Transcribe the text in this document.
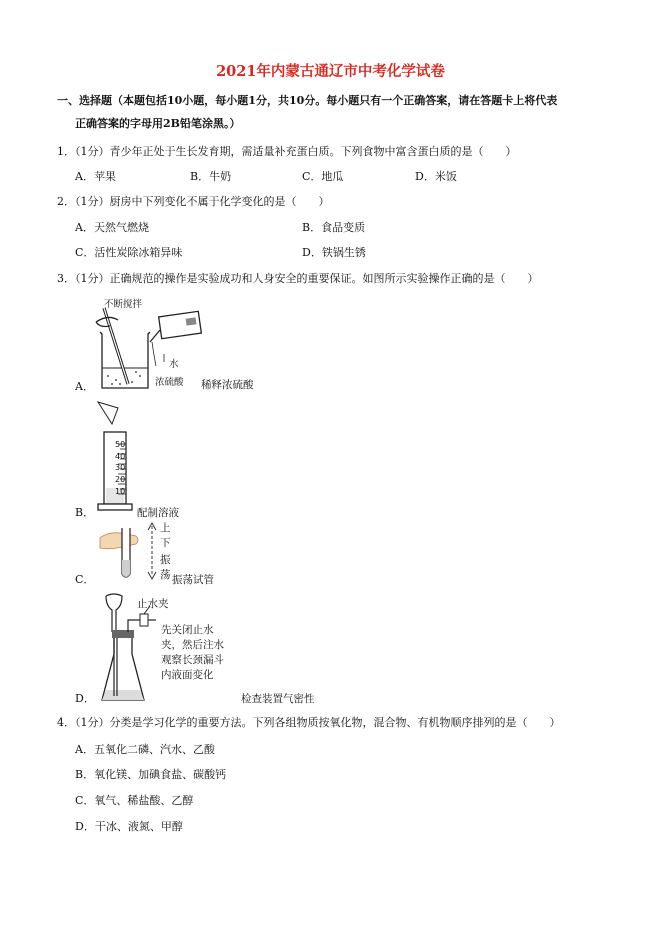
2021年内蒙古通辽市中考化学试卷
一、选择题（本题包括10小题，每小题1分，共10分。每小题只有一个正确答案，请在答题卡上将代表
正确答案的字母用2B铅笔涂黑。）
1．（1分）青少年正处于生长发育期，需适量补充蛋白质。下列食物中富含蛋白质的是（　　）
A．苹果	B．牛奶	C．地瓜	D．米饭
2．（1分）厨房中下列变化不属于化学变化的是（　　）
A．天然气燃烧	B．食品变质
C．活性炭除冰箱异味	D．铁锅生锈
3．（1分）正确规范的操作是实验成功和人身安全的重要保证。如图所示实验操作正确的是（　　）
A．
不断搅拌
水
浓硫酸 稀释浓硫酸
B．
50
40
30
20
10
配制溶液
C．
上
下
振
荡 振荡试管
D．
止水夹
先关闭止水
夹，然后注水
观察长颈漏斗
内液面变化
检查装置气密性
4．（1分）分类是学习化学的重要方法。下列各组物质按氧化物，混合物、有机物顺序排列的是（　　）
A．五氧化二磷、汽水、乙酸
B．氧化镁、加碘食盐、碳酸钙
C．氧气、稀盐酸、乙醇
D．干冰、液氮、甲醇
